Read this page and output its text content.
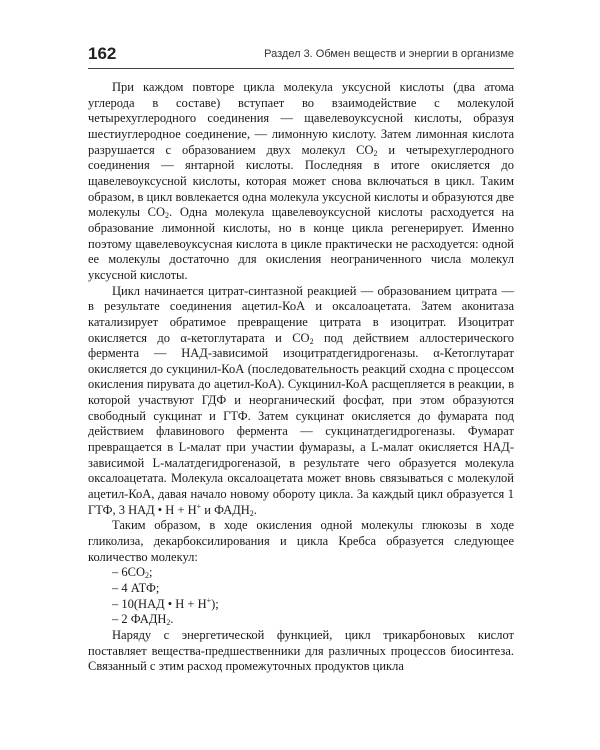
162	Раздел 3. Обмен веществ и энергии в организме

При каждом повторе цикла молекула уксусной кислоты (два атома углерода в составе) вступает во взаимодействие с молекулой четырехуглеродного соединения — щавелевоуксусной кислоты, образуя шестиуглеродное соединение, — лимонную кислоту. Затем лимонная кислота разрушается с образованием двух молекул $CO_2$ и четырехуглеродного соединения — янтарной кислоты. Последняя в итоге окисляется до щавелевоуксусной кислоты, которая может снова включаться в цикл. Таким образом, в цикл вовлекается одна молекула уксусной кислоты и образуются две молекулы $CO_2$. Одна молекула щавелевоуксусной кислоты расходуется на образование лимонной кислоты, но в конце цикла регенерирует. Именно поэтому щавелевоуксусная кислота в цикле практически не расходуется: одной ее молекулы достаточно для окисления неограниченного числа молекул уксусной кислоты.

Цикл начинается цитрат-синтазной реакцией — образованием цитрата — в результате соединения ацетил-КоА и оксалоацетата. Затем аконитаза катализирует обратимое превращение цитрата в изоцитрат. Изоцитрат окисляется до α-кетоглутарата и $CO_2$ под действием аллостерического фермента — НАД-зависимой изоцитратдегидрогеназы. α-Кетоглутарат окисляется до сукцинил-КоА (последовательность реакций сходна с процессом окисления пирувата до ацетил-КоА). Сукцинил-КоА расщепляется в реакции, в которой участвуют ГДФ и неорганический фосфат, при этом образуются свободный сукцинат и ГТФ. Затем сукцинат окисляется до фумарата под действием флавинового фермента — сукцинатдегидрогеназы. Фумарат превращается в L-малат при участии фумаразы, а L-малат окисляется НАД-зависимой L-малатдегидрогеназой, в результате чего образуется молекула оксалоацетата. Молекула оксалоацетата может вновь связываться с молекулой ацетил-КоА, давая начало новому обороту цикла. За каждый цикл образуется 1 ГТФ, 3 НАД • Н + Н+ и $ФАДН_2$.

Таким образом, в ходе окисления одной молекулы глюкозы в ходе гликолиза, декарбоксилирования и цикла Кребса образуется следующее количество молекул:

– $6CO_2$;
– 4 АТФ;
– 10(НАД • Н + Н+);
– 2 $ФАДН_2$.

Наряду с энергетической функцией, цикл трикарбоновых кислот поставляет вещества-предшественники для различных процессов биосинтеза. Связанный с этим расход промежуточных продуктов цикла
